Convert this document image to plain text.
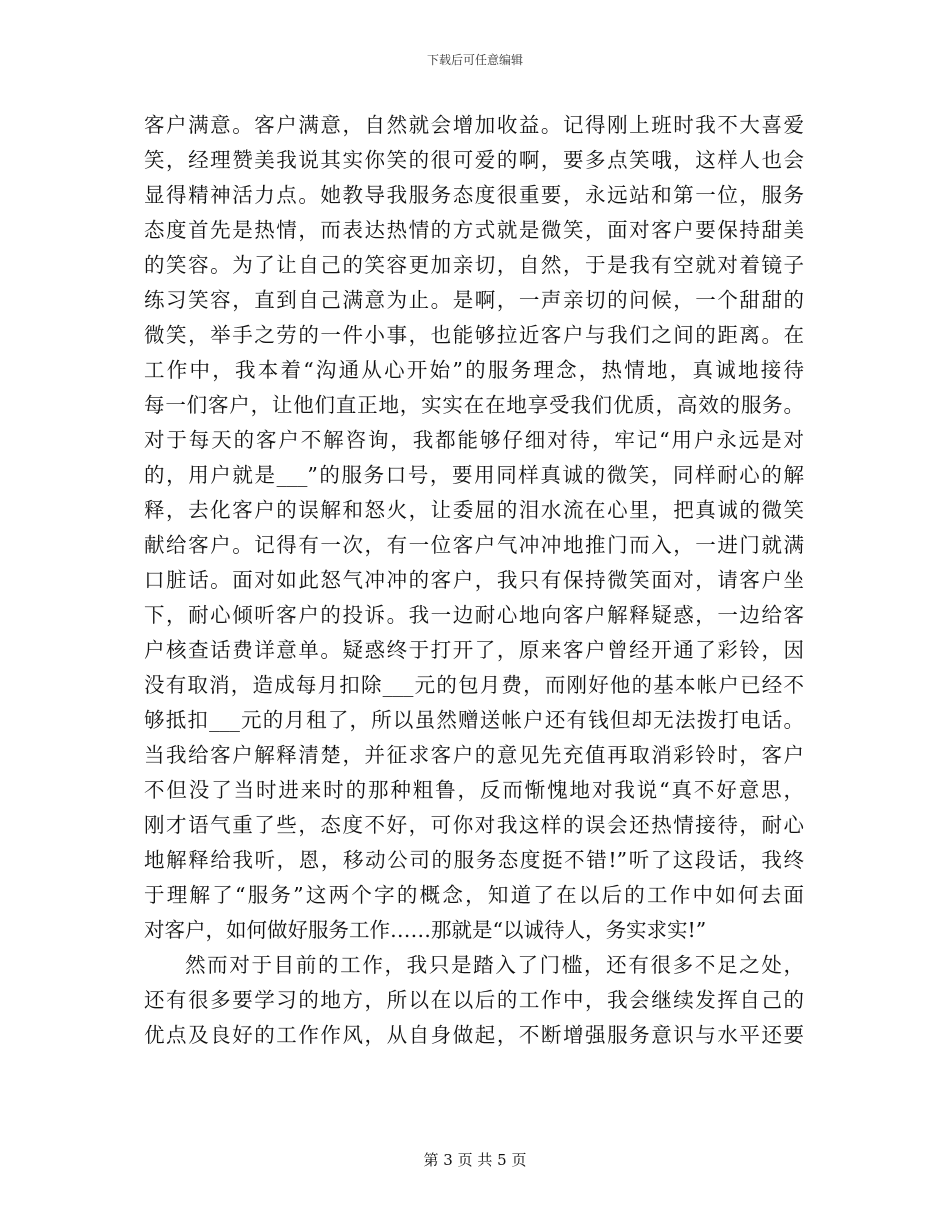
下载后可任意编辑
客户满意。客户满意，自然就会增加收益。记得刚上班时我不大喜爱
笑，经理赞美我说其实你笑的很可爱的啊，要多点笑哦，这样人也会
显得精神活力点。她教导我服务态度很重要，永远站和第一位，服务
态度首先是热情，而表达热情的方式就是微笑，面对客户要保持甜美
的笑容。为了让自己的笑容更加亲切，自然，于是我有空就对着镜子
练习笑容，直到自己满意为止。是啊，一声亲切的问候，一个甜甜的
微笑，举手之劳的一件小事，也能够拉近客户与我们之间的距离。在
工作中，我本着“沟通从心开始”的服务理念，热情地，真诚地接待
每一们客户，让他们直正地，实实在在地享受我们优质，高效的服务。
对于每天的客户不解咨询，我都能够仔细对待，牢记“用户永远是对
的，用户就是___”的服务口号，要用同样真诚的微笑，同样耐心的解
释，去化客户的误解和怒火，让委屈的泪水流在心里，把真诚的微笑
献给客户。记得有一次，有一位客户气冲冲地推门而入，一进门就满
口脏话。面对如此怒气冲冲的客户，我只有保持微笑面对，请客户坐
下，耐心倾听客户的投诉。我一边耐心地向客户解释疑惑，一边给客
户核查话费详意单。疑惑终于打开了，原来客户曾经开通了彩铃，因
没有取消，造成每月扣除___元的包月费，而刚好他的基本帐户已经不
够抵扣___元的月租了，所以虽然赠送帐户还有钱但却无法拨打电话。
当我给客户解释清楚，并征求客户的意见先充值再取消彩铃时，客户
不但没了当时进来时的那种粗鲁，反而惭愧地对我说“真不好意思，
刚才语气重了些，态度不好，可你对我这样的误会还热情接待，耐心
地解释给我听，恩，移动公司的服务态度挺不错!”听了这段话，我终
于理解了“服务”这两个字的概念，知道了在以后的工作中如何去面
对客户，如何做好服务工作……那就是“以诚待人，务实求实!”
然而对于目前的工作，我只是踏入了门槛，还有很多不足之处，
还有很多要学习的地方，所以在以后的工作中，我会继续发挥自己的
优点及良好的工作作风，从自身做起，不断增强服务意识与水平还要
第 3 页 共 5 页
